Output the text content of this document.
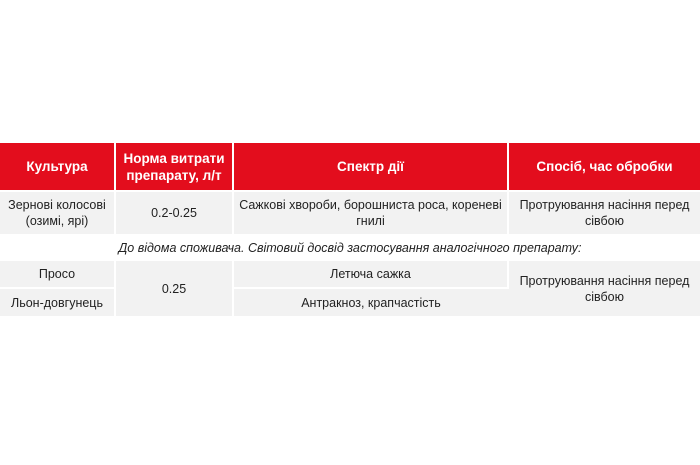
Культура	Норма витрати препарату, л/т	Спектр дії	Спосіб, час обробки
Зернові колосові (озимі, ярі)	0.2-0.25	Сажкові хвороби, борошниста роса, кореневі гнилі	Протруювання насіння перед сівбою
До відома споживача. Світовий досвід застосування аналогічного препарату:			
Просо	0.25	Летюча сажка	Протруювання насіння перед сівбою
Льон-довгунець		Антракноз, крапчастість	
